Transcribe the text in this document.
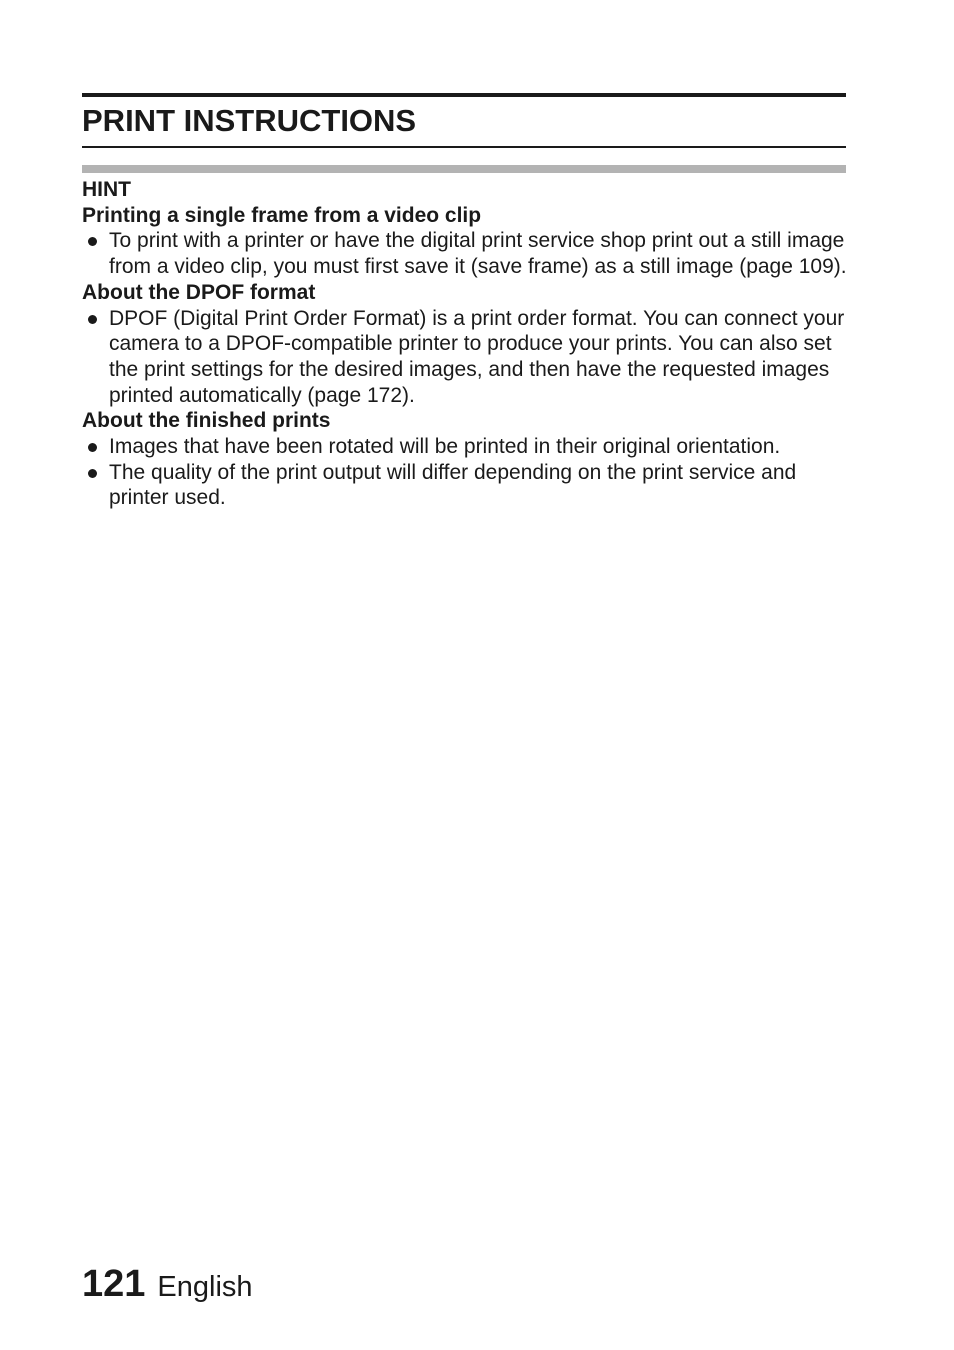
PRINT INSTRUCTIONS

HINT

Printing a single frame from a video clip

To print with a printer or have the digital print service shop print out a still image from a video clip, you must first save it (save frame) as a still image (page 109).

About the DPOF format

DPOF (Digital Print Order Format) is a print order format. You can connect your camera to a DPOF-compatible printer to produce your prints. You can also set the print settings for the desired images, and then have the requested images printed automatically (page 172).

About the finished prints

Images that have been rotated will be printed in their original orientation.
The quality of the print output will differ depending on the print service and printer used.
121 English
